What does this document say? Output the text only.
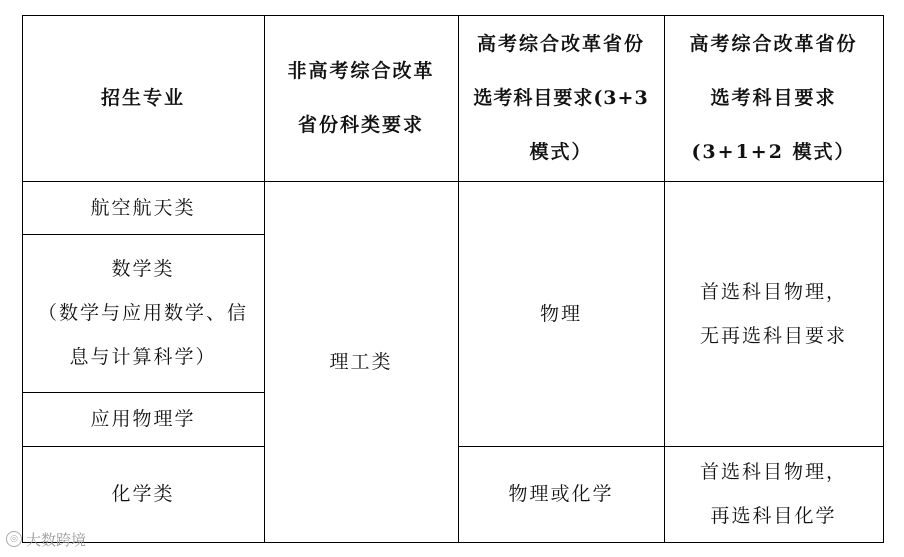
招生专业
非高考综合改革
省份科类要求
高考综合改革省份
选考科目要求(3+3
模式）
高考综合改革省份
选考科目要求
(3+1+2 模式）
航空航天类
数学类
（数学与应用数学、信
息与计算科学）
应用物理学
化学类
理工类
物理
物理或化学
首选科目物理，
无再选科目要求
首选科目物理，
再选科目化学
◎ 大数跨境
